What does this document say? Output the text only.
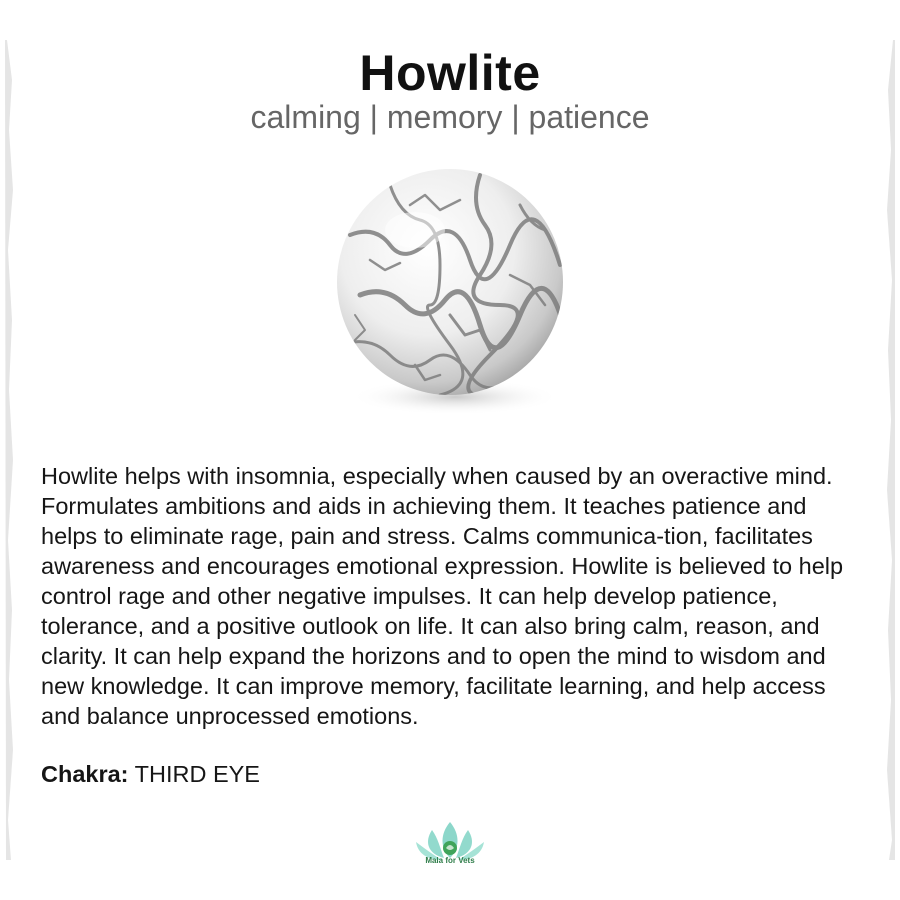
Howlite
calming | memory | patience

Howlite helps with insomnia, especially when caused by an overactive mind. Formulates ambitions and aids in achieving them. It teaches patience and helps to eliminate rage, pain and stress. Calms communica-tion, facilitates awareness and encourages emotional expression. Howlite is believed to help control rage and other negative impulses. It can help develop patience, tolerance, and a positive outlook on life. It can also bring calm, reason, and clarity. It can help expand the horizons and to open the mind to wisdom and new knowledge. It can improve memory, facilitate learning, and help access and balance unprocessed emotions.

Chakra: THIRD EYE
Mala for Vets
